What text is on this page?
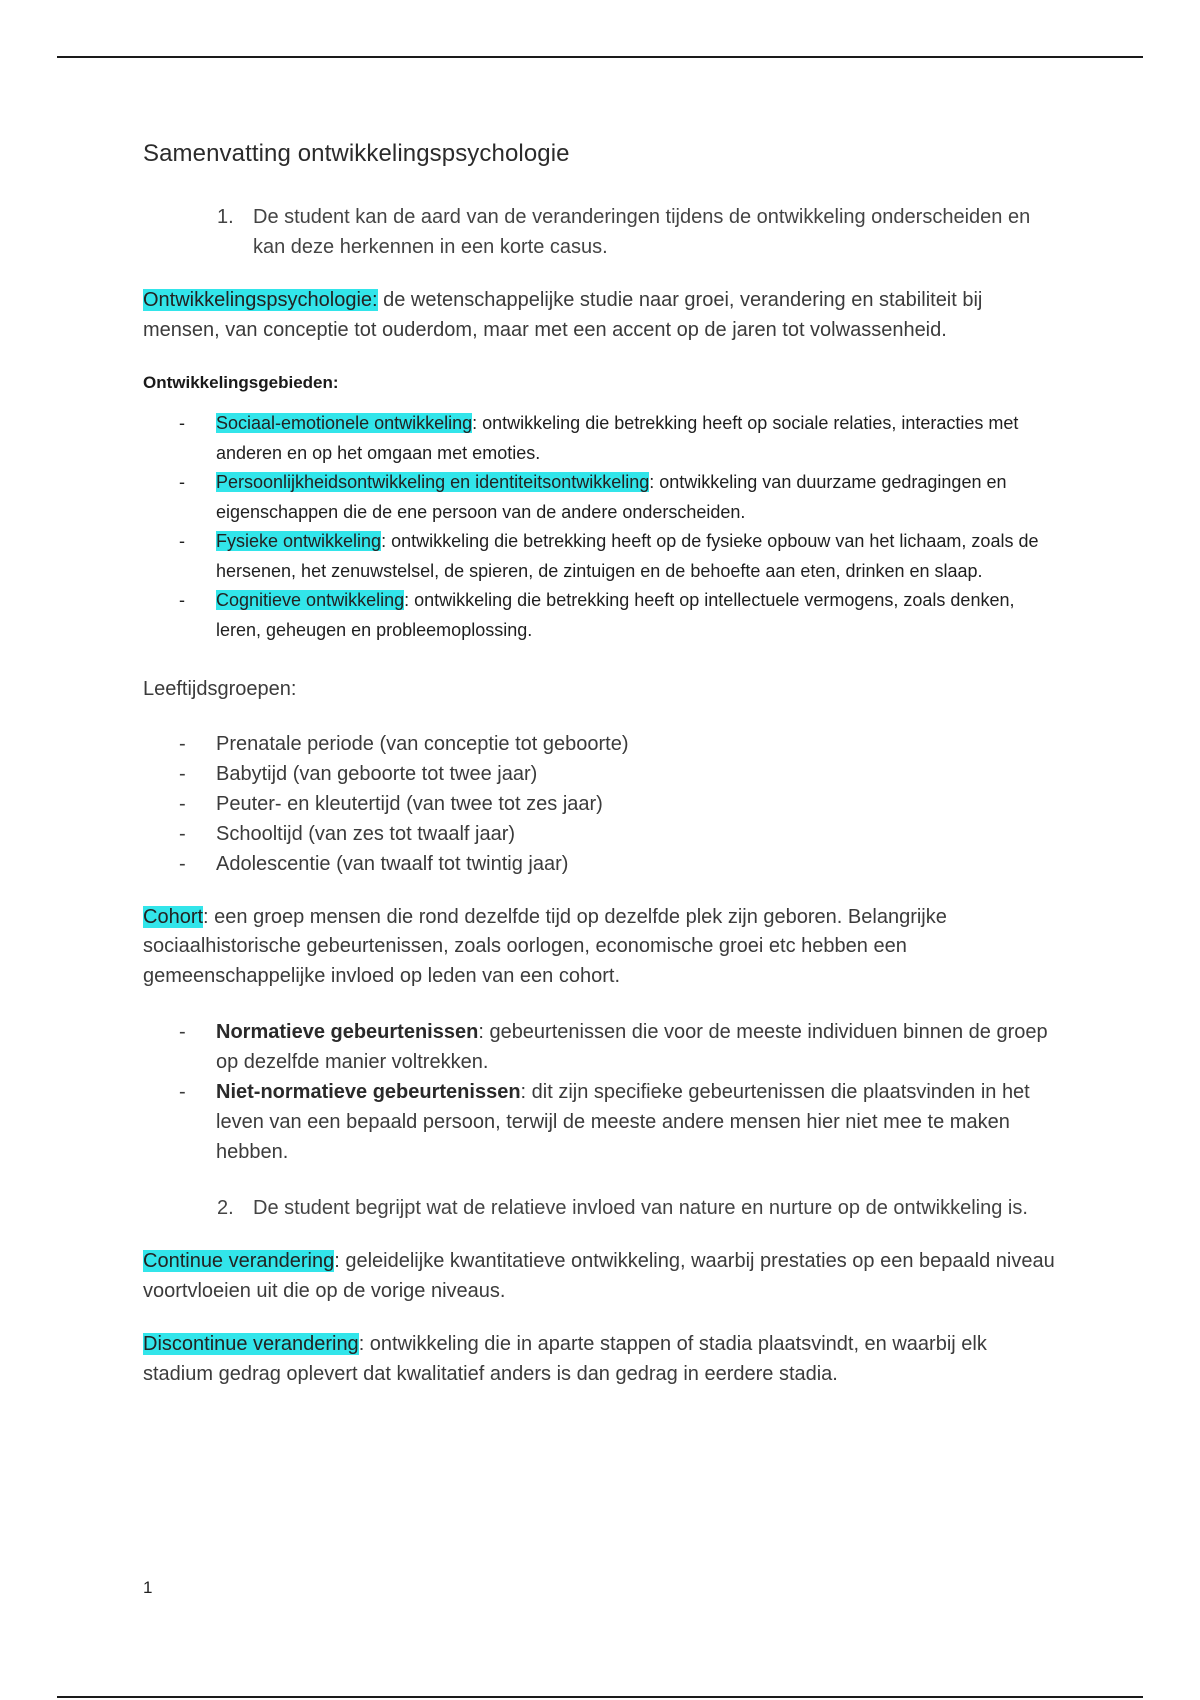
Samenvatting ontwikkelingspsychologie
1. De student kan de aard van de veranderingen tijdens de ontwikkeling onderscheiden en kan deze herkennen in een korte casus.

Ontwikkelingspsychologie: de wetenschappelijke studie naar groei, verandering en stabiliteit bij mensen, van conceptie tot ouderdom, maar met een accent op de jaren tot volwassenheid.

Ontwikkelingsgebieden:

-	Sociaal-emotionele ontwikkeling: ontwikkeling die betrekking heeft op sociale relaties, interacties met anderen en op het omgaan met emoties.
-	Persoonlijkheidsontwikkeling en identiteitsontwikkeling: ontwikkeling van duurzame gedragingen en eigenschappen die de ene persoon van de andere onderscheiden.
-	Fysieke ontwikkeling: ontwikkeling die betrekking heeft op de fysieke opbouw van het lichaam, zoals de hersenen, het zenuwstelsel, de spieren, de zintuigen en de behoefte aan eten, drinken en slaap.
-	Cognitieve ontwikkeling: ontwikkeling die betrekking heeft op intellectuele vermogens, zoals denken, leren, geheugen en probleemoplossing.

Leeftijdsgroepen:

-	Prenatale periode (van conceptie tot geboorte)
-	Babytijd (van geboorte tot twee jaar)
-	Peuter- en kleutertijd (van twee tot zes jaar)
-	Schooltijd (van zes tot twaalf jaar)
-	Adolescentie (van twaalf tot twintig jaar)

Cohort: een groep mensen die rond dezelfde tijd op dezelfde plek zijn geboren. Belangrijke sociaalhistorische gebeurtenissen, zoals oorlogen, economische groei etc hebben een gemeenschappelijke invloed op leden van een cohort.

-	Normatieve gebeurtenissen: gebeurtenissen die voor de meeste individuen binnen de groep op dezelfde manier voltrekken.
-	Niet-normatieve gebeurtenissen: dit zijn specifieke gebeurtenissen die plaatsvinden in het leven van een bepaald persoon, terwijl de meeste andere mensen hier niet mee te maken hebben.
2. De student begrijpt wat de relatieve invloed van nature en nurture op de ontwikkeling is.

Continue verandering: geleidelijke kwantitatieve ontwikkeling, waarbij prestaties op een bepaald niveau voortvloeien uit die op de vorige niveaus.

Discontinue verandering: ontwikkeling die in aparte stappen of stadia plaatsvindt, en waarbij elk stadium gedrag oplevert dat kwalitatief anders is dan gedrag in eerdere stadia.

1
